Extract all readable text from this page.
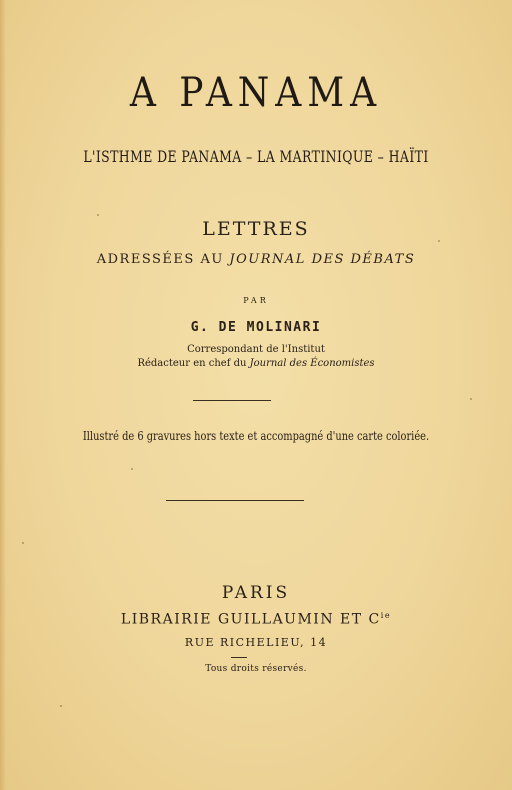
A PANAMA
L'ISTHME DE PANAMA – LA MARTINIQUE – HAÏTI
LETTRES
ADRESSÉES AU JOURNAL DES DÉBATS
PAR
G. DE MOLINARI
Correspondant de l'Institut
Rédacteur en chef du Journal des Économistes
Illustré de 6 gravures hors texte et accompagné d'une carte coloriée.
PARIS
LIBRAIRIE GUILLAUMIN ET $C^{ie}$
RUE RICHELIEU, 14
Tous droits réservés.
